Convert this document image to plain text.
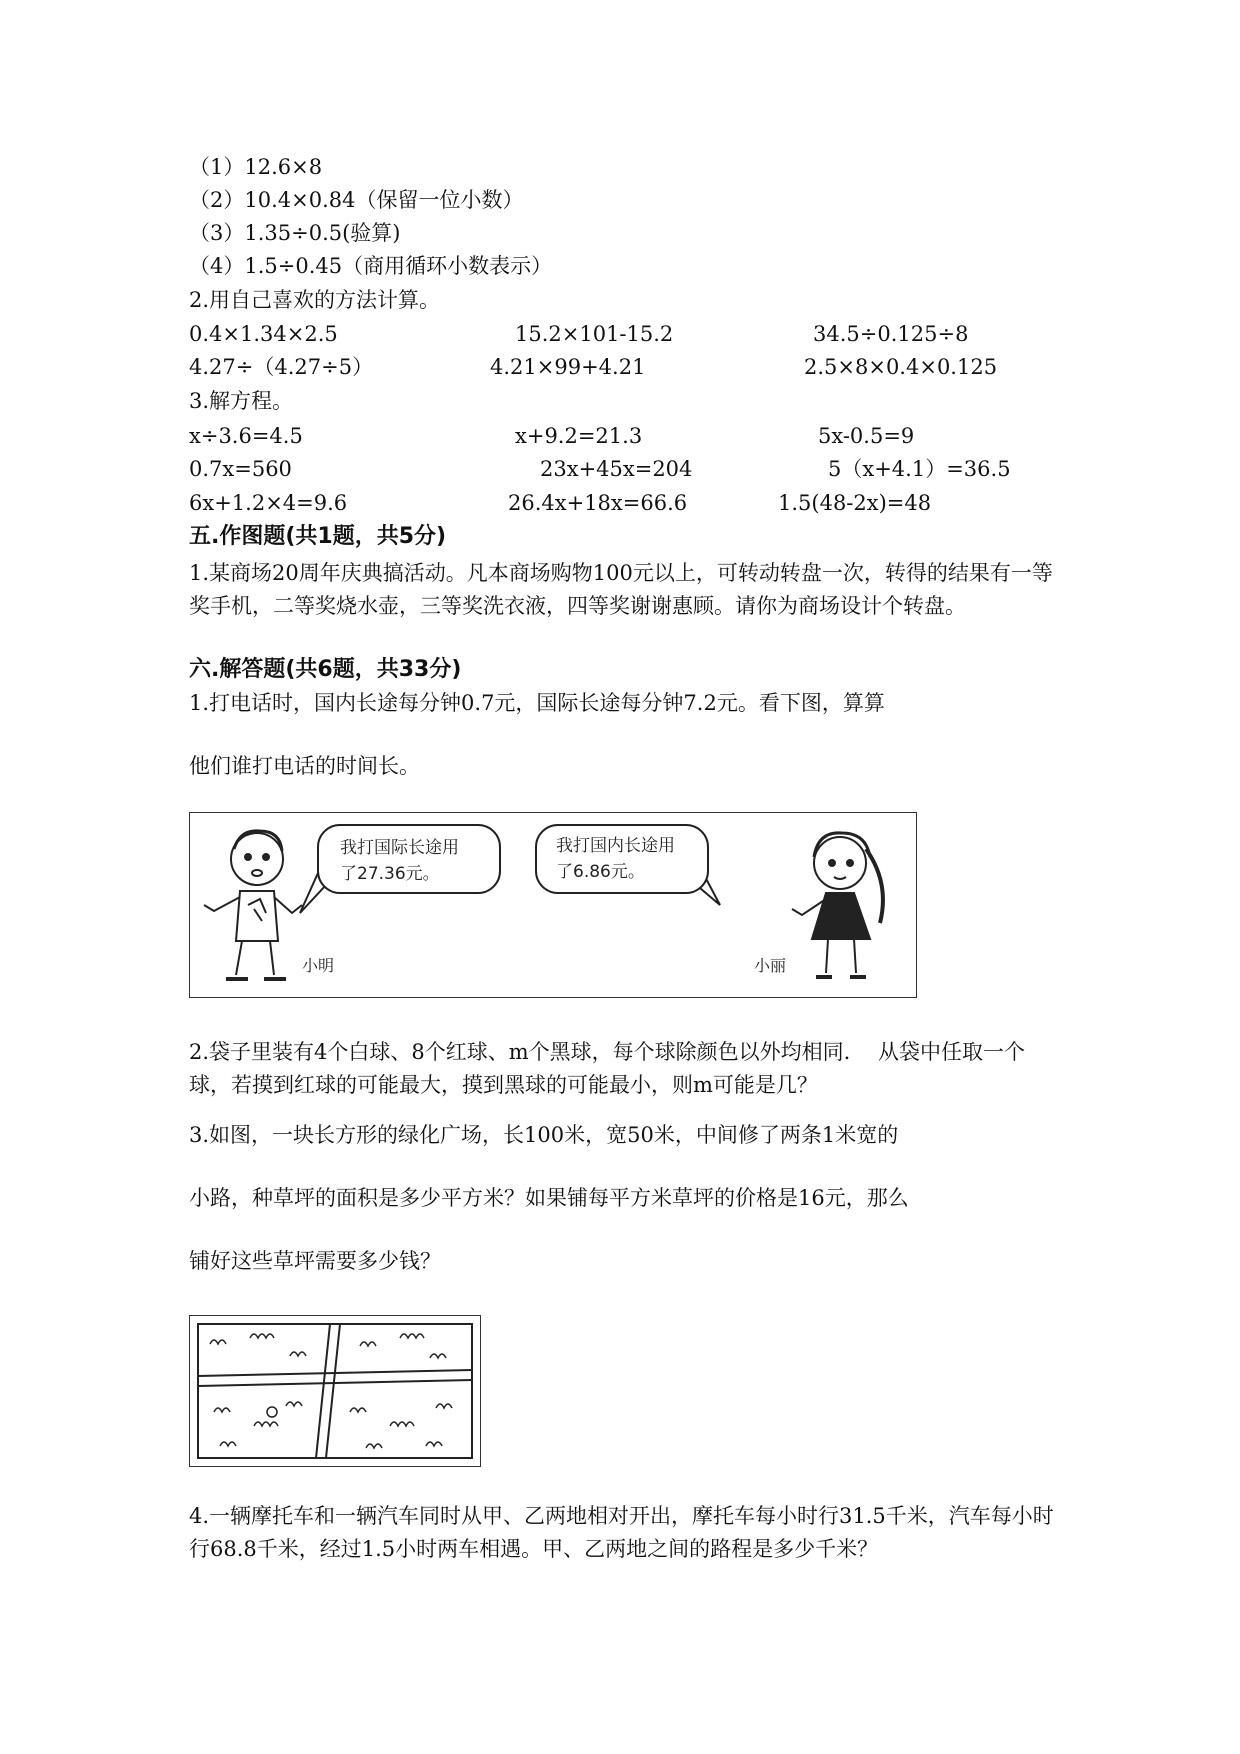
（1）12.6×8
（2）10.4×0.84（保留一位小数）
（3）1.35÷0.5(验算)
（4）1.5÷0.45（商用循环小数表示）
2.用自己喜欢的方法计算。
0.4×1.34×2.5	15.2×101-15.2	34.5÷0.125÷8
4.27÷（4.27÷5）	4.21×99+4.21	2.5×8×0.4×0.125
3.解方程。
x÷3.6=4.5	x+9.2=21.3	5x-0.5=9
0.7x=560	23x+45x=204	5（x+4.1）=36.5
6x+1.2×4=9.6	26.4x+18x=66.6	1.5(48-2x)=48
五.作图题(共1题，共5分)
1.某商场20周年庆典搞活动。凡本商场购物100元以上，可转动转盘一次，转得的结果有一等奖手机，二等奖烧水壶，三等奖洗衣液，四等奖谢谢惠顾。请你为商场设计个转盘。
六.解答题(共6题，共33分)
1.打电话时，国内长途每分钟0.7元，国际长途每分钟7.2元。看下图，算算
他们谁打电话的时间长。
我打国际长途用
了27.36元。
小明
我打国内长途用
了6.86元。
小丽
2.袋子里装有4个白球、8个红球、m个黑球，每个球除颜色以外均相同.　 从袋中任取一个球，若摸到红球的可能最大，摸到黑球的可能最小，则m可能是几？
3.如图，一块长方形的绿化广场，长100米，宽50米，中间修了两条1米宽的
小路，种草坪的面积是多少平方米？如果铺每平方米草坪的价格是16元，那么
铺好这些草坪需要多少钱？
4.一辆摩托车和一辆汽车同时从甲、乙两地相对开出，摩托车每小时行31.5千米，汽车每小时行68.8千米，经过1.5小时两车相遇。甲、乙两地之间的路程是多少千米？
